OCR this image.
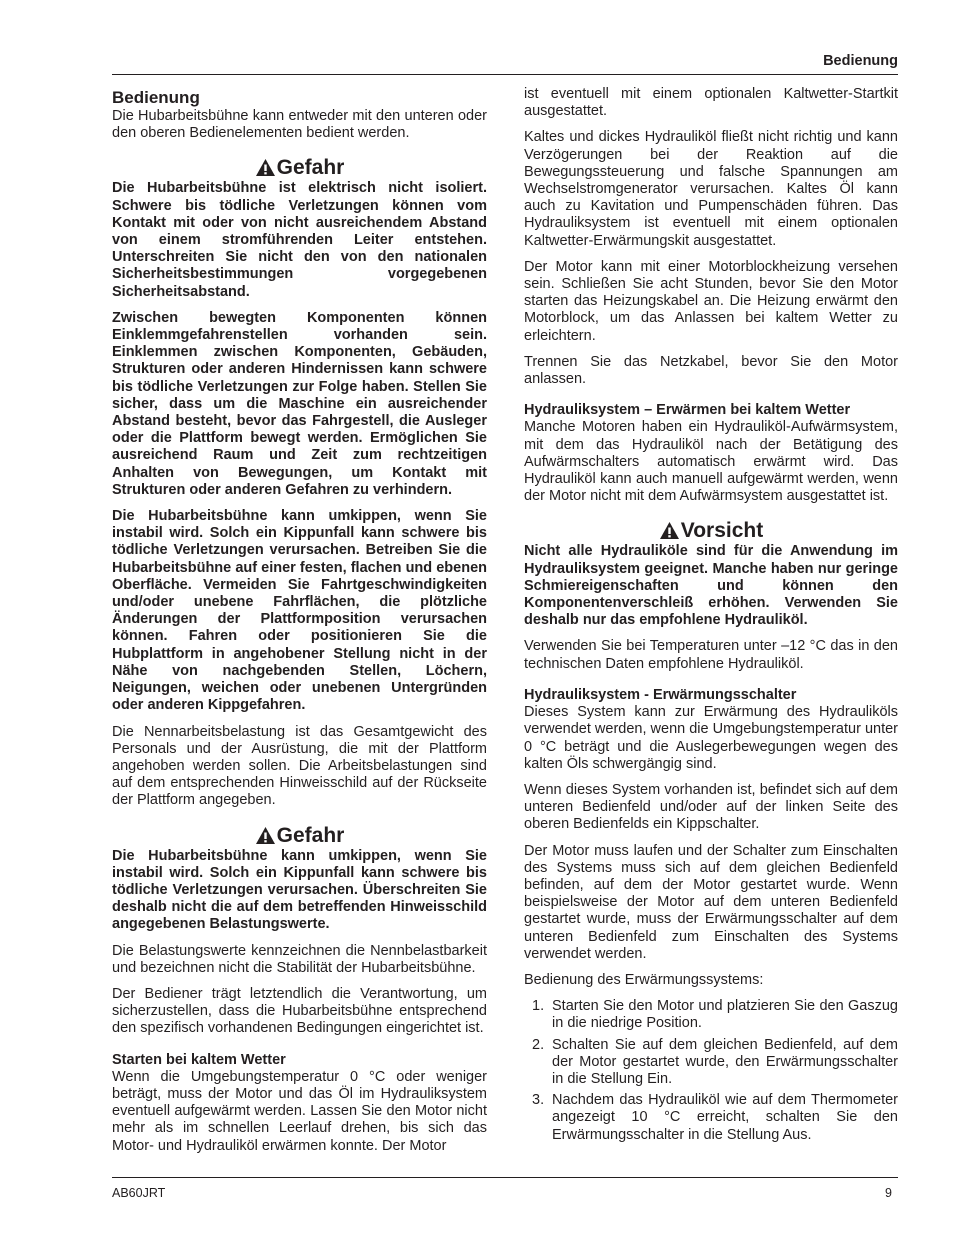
Bedienung
Bedienung

Die Hubarbeitsbühne kann entweder mit den unteren oder den oberen Bedienelementen bedient werden.

Gefahr

Die Hubarbeitsbühne ist elektrisch nicht isoliert. Schwere bis tödliche Verletzungen können vom Kontakt mit oder von nicht ausreichendem Abstand von einem stromführenden Leiter entstehen. Unterschreiten Sie nicht den von den nationalen Sicherheitsbestimmungen vorgegebenen Sicherheitsabstand.

Zwischen bewegten Komponenten können Einklemmgefahrenstellen vorhanden sein. Einklemmen zwischen Komponenten, Gebäuden, Strukturen oder anderen Hindernissen kann schwere bis tödliche Verletzungen zur Folge haben. Stellen Sie sicher, dass um die Maschine ein ausreichender Abstand besteht, bevor das Fahrgestell, die Ausleger oder die Plattform bewegt werden. Ermöglichen Sie ausreichend Raum und Zeit zum rechtzeitigen Anhalten von Bewegungen, um Kontakt mit Strukturen oder anderen Gefahren zu verhindern.

Die Hubarbeitsbühne kann umkippen, wenn Sie instabil wird. Solch ein Kippunfall kann schwere bis tödliche Verletzungen verursachen. Betreiben Sie die Hubarbeitsbühne auf einer festen, flachen und ebenen Oberfläche. Vermeiden Sie Fahrtgeschwindigkeiten und/oder unebene Fahrflächen, die plötzliche Änderungen der Plattformposition verursachen können. Fahren oder positionieren Sie die Hubplattform in angehobener Stellung nicht in der Nähe von nachgebenden Stellen, Löchern, Neigungen, weichen oder unebenen Untergründen oder anderen Kippgefahren.

Die Nennarbeitsbelastung ist das Gesamtgewicht des Personals und der Ausrüstung, die mit der Plattform angehoben werden sollen. Die Arbeitsbelastungen sind auf dem entsprechenden Hinweisschild auf der Rückseite der Plattform angegeben.

Gefahr

Die Hubarbeitsbühne kann umkippen, wenn Sie instabil wird. Solch ein Kippunfall kann schwere bis tödliche Verletzungen verursachen. Überschreiten Sie deshalb nicht die auf dem betreffenden Hinweisschild angegebenen Belastungswerte.

Die Belastungswerte kennzeichnen die Nennbelastbarkeit und bezeichnen nicht die Stabilität der Hubarbeitsbühne.

Der Bediener trägt letztendlich die Verantwortung, um sicherzustellen, dass die Hubarbeitsbühne entsprechend den spezifisch vorhandenen Bedingungen eingerichtet ist.

Starten bei kaltem Wetter

Wenn die Umgebungstemperatur 0 °C oder weniger beträgt, muss der Motor und das Öl im Hydrauliksystem eventuell aufgewärmt werden. Lassen Sie den Motor nicht mehr als im schnellen Leerlauf drehen, bis sich das Motor- und Hydrauliköl erwärmen konnte. Der Motor

ist eventuell mit einem optionalen Kaltwetter-Startkit ausgestattet.

Kaltes und dickes Hydrauliköl fließt nicht richtig und kann Verzögerungen bei der Reaktion auf die Bewegungssteuerung und falsche Spannungen am Wechselstromgenerator verursachen. Kaltes Öl kann auch zu Kavitation und Pumpenschäden führen. Das Hydrauliksystem ist eventuell mit einem optionalen Kaltwetter-Erwärmungskit ausgestattet.

Der Motor kann mit einer Motorblockheizung versehen sein. Schließen Sie acht Stunden, bevor Sie den Motor starten das Heizungskabel an. Die Heizung erwärmt den Motorblock, um das Anlassen bei kaltem Wetter zu erleichtern.

Trennen Sie das Netzkabel, bevor Sie den Motor anlassen.

Hydrauliksystem – Erwärmen bei kaltem Wetter

Manche Motoren haben ein Hydrauliköl-Aufwärmsystem, mit dem das Hydrauliköl nach der Betätigung des Aufwärmschalters automatisch erwärmt wird. Das Hydrauliköl kann auch manuell aufgewärmt werden, wenn der Motor nicht mit dem Aufwärmsystem ausgestattet ist.

Vorsicht

Nicht alle Hydrauliköle sind für die Anwendung im Hydrauliksystem geeignet. Manche haben nur geringe Schmiereigenschaften und können den Komponentenverschleiß erhöhen. Verwenden Sie deshalb nur das empfohlene Hydrauliköl.

Verwenden Sie bei Temperaturen unter –12 °C das in den technischen Daten empfohlene Hydrauliköl.

Hydrauliksystem - Erwärmungsschalter

Dieses System kann zur Erwärmung des Hydrauliköls verwendet werden, wenn die Umgebungstemperatur unter 0 °C beträgt und die Auslegerbewegungen wegen des kalten Öls schwergängig sind.

Wenn dieses System vorhanden ist, befindet sich auf dem unteren Bedienfeld und/oder auf der linken Seite des oberen Bedienfelds ein Kippschalter.

Der Motor muss laufen und der Schalter zum Einschalten des Systems muss sich auf dem gleichen Bedienfeld befinden, auf dem der Motor gestartet wurde. Wenn beispielsweise der Motor auf dem unteren Bedienfeld gestartet wurde, muss der Erwärmungsschalter auf dem unteren Bedienfeld zum Einschalten des Systems verwendet werden.

Bedienung des Erwärmungssystems:

1. Starten Sie den Motor und platzieren Sie den Gaszug in die niedrige Position.
2. Schalten Sie auf dem gleichen Bedienfeld, auf dem der Motor gestartet wurde, den Erwärmungsschalter in die Stellung Ein.
3. Nachdem das Hydrauliköl wie auf dem Thermometer angezeigt 10 °C erreicht, schalten Sie den Erwärmungsschalter in die Stellung Aus.
AB60JRT	9
